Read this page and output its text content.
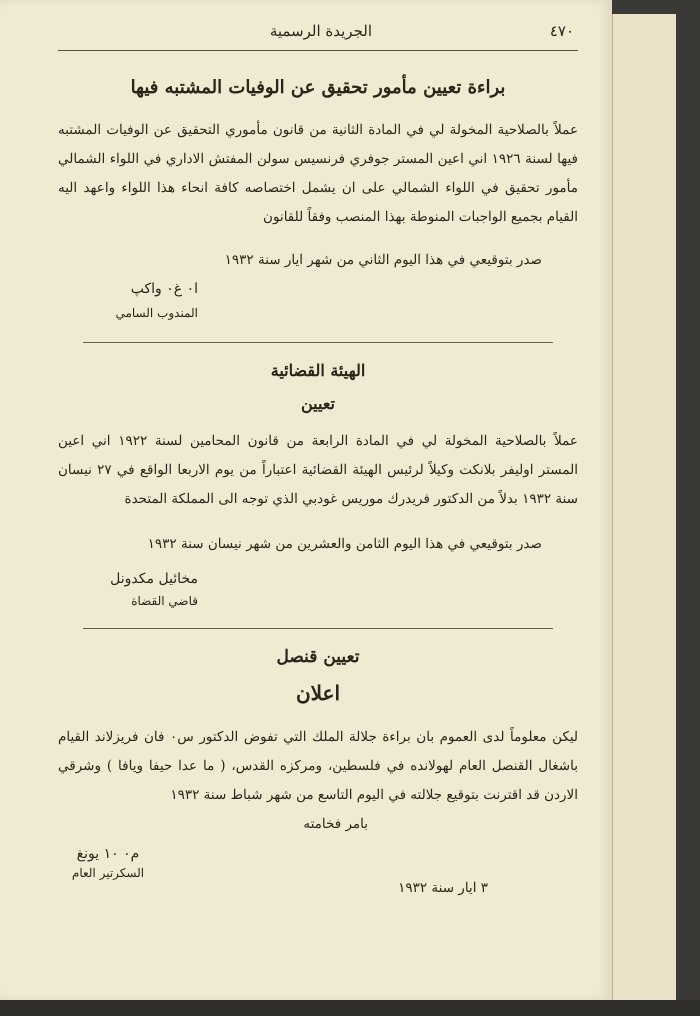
٤٧٠
الجريدة الرسمية
براءة تعيين مأمور تحقيق عن الوفيات المشتبه فيها

عملاً بالصلاحية المخولة لي في المادة الثانية من قانون مأموري التحقيق عن الوفيات المشتبه فيها لسنة ١٩٢٦ اني اعين المستر جوفري فرنسيس سولن المفتش الاداري في اللواء الشمالي مأمور تحقيق في اللواء الشمالي على ان يشمل اختصاصه كافة انحاء هذا اللواء واعهد اليه القيام بجميع الواجبات المنوطة بهذا المنصب وفقاً للقانون

صدر بتوقيعي في هذا اليوم الثاني من شهر ايار سنة ١٩٣٢

ا٠ غ٠ واكپ

المندوب السامي

الهيئة القضائية
تعيين

عملاً بالصلاحية المخولة لي في المادة الرابعة من قانون المحامين لسنة ١٩٢٢ اني اعين المستر اوليفر بلانكت وكيلاً لرئيس الهيئة القضائية اعتباراً من يوم الاربعا الواقع في ٢٧ نيسان سنة ١٩٣٢ بدلاً من الدكتور فريدرك موريس غودبي الذي توجه الى المملكة المتحدة

صدر بتوقيعي في هذا اليوم الثامن والعشرين من شهر نيسان سنة ١٩٣٢

مخائيل مكدونل

قاضي القضاة

تعيين قنصل
اعلان

ليكن معلوماً لدى العموم بان براءة جلالة الملك التي تفوض الدكتور س٠ فان فريزلاند القيام باشغال القنصل العام لهولانده في فلسطين، ومركزه القدس، ( ما عدا حيفا ويافا ) وشرقي الاردن قد اقترنت بتوقيع جلالته في اليوم التاسع من شهر شباط سنة ١٩٣٢

بامر فخامته

٣ ايار سنة ١٩٣٢
م٠ ١٠ يونغ
السكرتير العام
